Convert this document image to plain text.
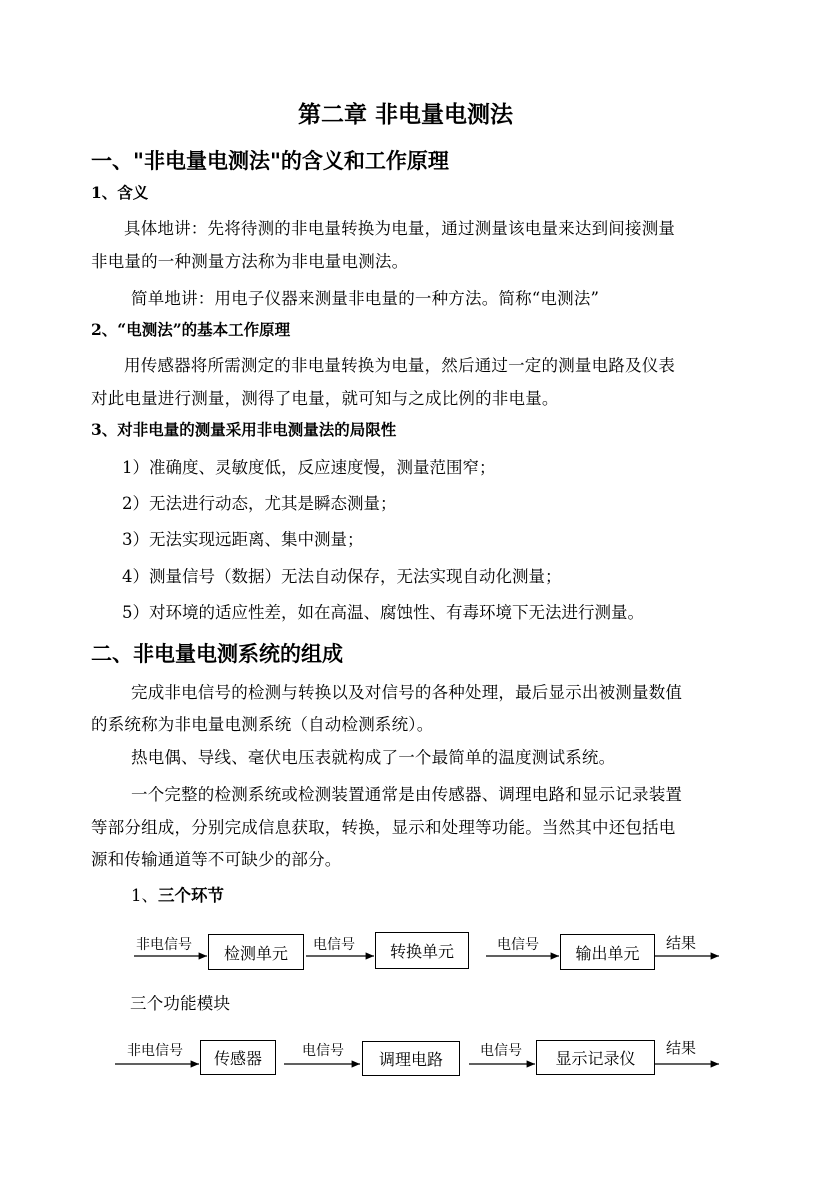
第二章 非电量电测法
一、"非电量电测法"的含义和工作原理
1、含义
具体地讲：先将待测的非电量转换为电量，通过测量该电量来达到间接测量
非电量的一种测量方法称为非电量电测法。
简单地讲：用电子仪器来测量非电量的一种方法。简称“电测法”
2、“电测法”的基本工作原理
用传感器将所需测定的非电量转换为电量，然后通过一定的测量电路及仪表
对此电量进行测量，测得了电量，就可知与之成比例的非电量。
3、对非电量的测量采用非电测量法的局限性
1）准确度、灵敏度低，反应速度慢，测量范围窄；
2）无法进行动态，尤其是瞬态测量；
3）无法实现远距离、集中测量；
4）测量信号（数据）无法自动保存，无法实现自动化测量；
5）对环境的适应性差，如在高温、腐蚀性、有毒环境下无法进行测量。
二、非电量电测系统的组成
完成非电信号的检测与转换以及对信号的各种处理，最后显示出被测量数值
的系统称为非电量电测系统（自动检测系统）。
热电偶、导线、毫伏电压表就构成了一个最简单的温度测试系统。
一个完整的检测系统或检测装置通常是由传感器、调理电路和显示记录装置
等部分组成，分别完成信息获取，转换，显示和处理等功能。当然其中还包括电
源和传输通道等不可缺少的部分。
1、三个环节
非电信号	检测单元	电信号	转换单元	电信号	输出单元
结果
三个功能模块
非电信号	传感器	电信号	调理电路	电信号	显示记录仪
结果
